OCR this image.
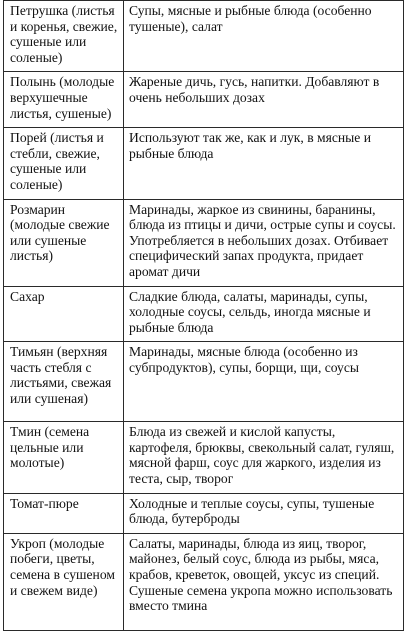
Петрушка (листья и коренья, свежие, сушеные или соленые)	Супы, мясные и рыбные блюда (особенно тушеные), салат
Полынь (молодые верхушечные листья, сушеные)	Жареные дичь, гусь, напитки. Добавляют в очень небольших дозах
Порей (листья и стебли, свежие, сушеные или соленые)	Используют так же, как и лук, в мясные и рыбные блюда
Розмарин (молодые свежие или сушеные листья)	Маринады, жаркое из свинины, баранины, блюда из птицы и дичи, острые супы и соусы. Употребляется в небольших дозах. Отбивает специфический запах продукта, придает аромат дичи
Сахар	Сладкие блюда, салаты, маринады, супы, холодные соусы, сельдь, иногда мясные и рыбные блюда
Тимьян (верхняя часть стебля с листьями, свежая или сушеная)	Маринады, мясные блюда (особенно из субпродуктов), супы, борщи, щи, соусы
Тмин (семена цельные или молотые)	Блюда из свежей и кислой капусты, картофеля, брюквы, свекольный салат, гуляш, мясной фарш, соус для жаркого, изделия из теста, сыр, творог
Томат-пюре	Холодные и теплые соусы, супы, тушеные блюда, бутерброды
Укроп (молодые побеги, цветы, семена в сушеном и свежем виде)	Салаты, маринады, блюда из яиц, творог, майонез, белый соус, блюда из рыбы, мяса, крабов, креветок, овощей, уксус из специй. Сушеные семена укропа можно использовать вместо тмина
